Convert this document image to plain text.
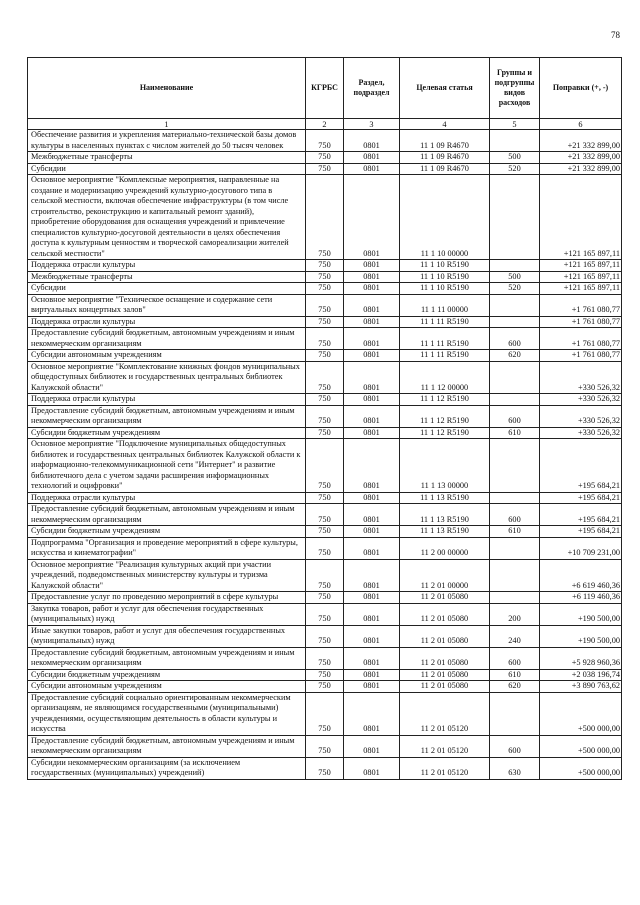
78
Наименование	КГРБС	Раздел, подраздел	Целевая статья	Группы и подгруппы видов расходов	Поправки (+, -)
1	2	3	4	5	6
Обеспечение развития и укрепления материально-технической базы домов культуры в населенных пунктах с числом жителей до 50 тысяч человек	750	0801	11 1 09 R4670		+21 332 899,00
Межбюджетные трансферты	750	0801	11 1 09 R4670	500	+21 332 899,00
Субсидии	750	0801	11 1 09 R4670	520	+21 332 899,00
Основное мероприятие "Комплексные мероприятия, направленные на создание и модернизацию учреждений культурно-досугового типа в сельской местности, включая обеспечение инфраструктуры (в том числе строительство, реконструкцию и капитальный ремонт зданий), приобретение оборудования для оснащения учреждений и привлечение специалистов культурно-досуговой деятельности в целях обеспечения доступа к культурным ценностям и творческой самореализации жителей сельской местности"	750	0801	11 1 10 00000		+121 165 897,11
Поддержка отрасли культуры	750	0801	11 1 10 R5190		+121 165 897,11
Межбюджетные трансферты	750	0801	11 1 10 R5190	500	+121 165 897,11
Субсидии	750	0801	11 1 10 R5190	520	+121 165 897,11
Основное мероприятие "Техническое оснащение и содержание сети виртуальных концертных залов"	750	0801	11 1 11 00000		+1 761 080,77
Поддержка отрасли культуры	750	0801	11 1 11 R5190		+1 761 080,77
Предоставление субсидий бюджетным, автономным учреждениям и иным некоммерческим организациям	750	0801	11 1 11 R5190	600	+1 761 080,77
Субсидии автономным учреждениям	750	0801	11 1 11 R5190	620	+1 761 080,77
Основное мероприятие "Комплектование книжных фондов муниципальных общедоступных библиотек и государственных центральных библиотек Калужской области"	750	0801	11 1 12 00000		+330 526,32
Поддержка отрасли культуры	750	0801	11 1 12 R5190		+330 526,32
Предоставление субсидий бюджетным, автономным учреждениям и иным некоммерческим организациям	750	0801	11 1 12 R5190	600	+330 526,32
Субсидии бюджетным учреждениям	750	0801	11 1 12 R5190	610	+330 526,32
Основное мероприятие "Подключение муниципальных общедоступных библиотек и государственных центральных библиотек Калужской области к информационно-телекоммуникационной сети "Интернет" и развитие библиотечного дела с учетом задачи расширения информационных технологий и оцифровки"	750	0801	11 1 13 00000		+195 684,21
Поддержка отрасли культуры	750	0801	11 1 13 R5190		+195 684,21
Предоставление субсидий бюджетным, автономным учреждениям и иным некоммерческим организациям	750	0801	11 1 13 R5190	600	+195 684,21
Субсидии бюджетным учреждениям	750	0801	11 1 13 R5190	610	+195 684,21
Подпрограмма "Организация и проведение мероприятий в сфере культуры, искусства и кинематографии"	750	0801	11 2 00 00000		+10 709 231,00
Основное мероприятие "Реализация культурных акций при участии учреждений, подведомственных министерству культуры и туризма Калужской области"	750	0801	11 2 01 00000		+6 619 460,36
Предоставление услуг по проведению мероприятий в сфере культуры	750	0801	11 2 01 05080		+6 119 460,36
Закупка товаров, работ и услуг для обеспечения государственных (муниципальных) нужд	750	0801	11 2 01 05080	200	+190 500,00
Иные закупки товаров, работ и услуг для обеспечения государственных (муниципальных) нужд	750	0801	11 2 01 05080	240	+190 500,00
Предоставление субсидий бюджетным, автономным учреждениям и иным некоммерческим организациям	750	0801	11 2 01 05080	600	+5 928 960,36
Субсидии бюджетным учреждениям	750	0801	11 2 01 05080	610	+2 038 196,74
Субсидии автономным учреждениям	750	0801	11 2 01 05080	620	+3 890 763,62
Предоставление субсидий социально ориентированным некоммерческим организациям, не являющимся государственными (муниципальными) учреждениями, осуществляющим деятельность в области культуры и искусства	750	0801	11 2 01 05120		+500 000,00
Предоставление субсидий бюджетным, автономным учреждениям и иным некоммерческим организациям	750	0801	11 2 01 05120	600	+500 000,00
Субсидии некоммерческим организациям (за исключением государственных (муниципальных) учреждений)	750	0801	11 2 01 05120	630	+500 000,00
